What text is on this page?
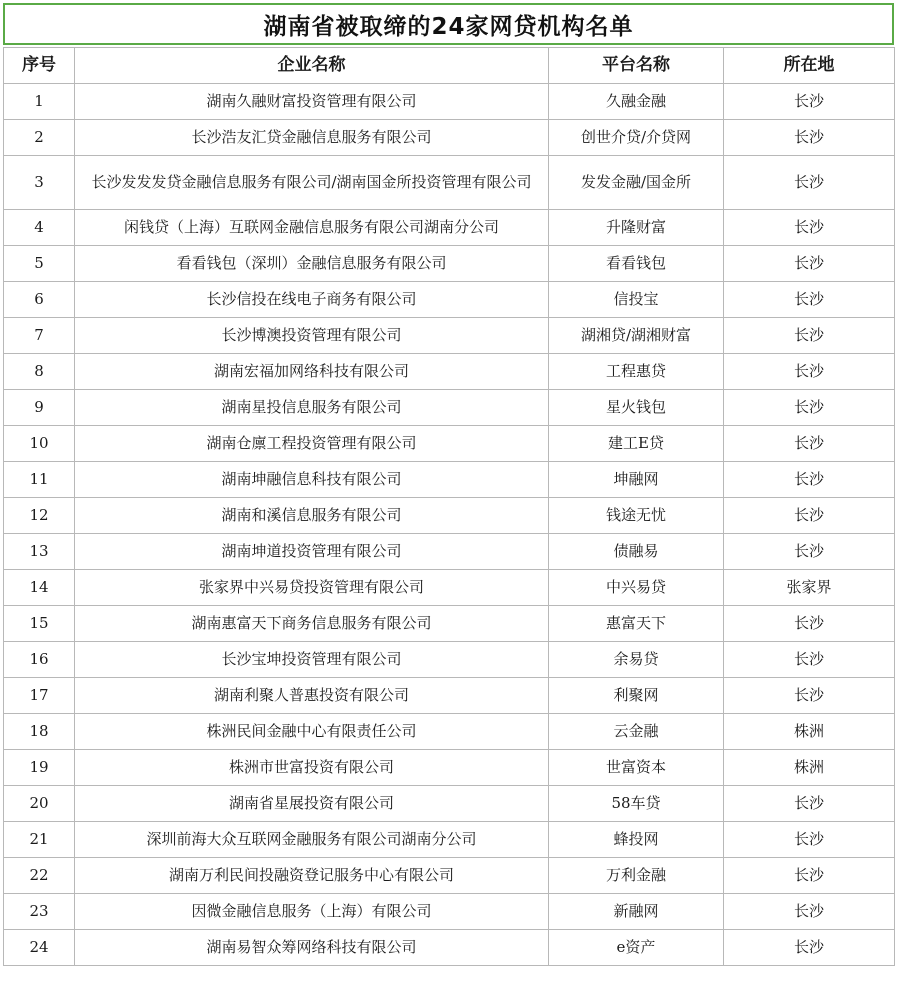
湖南省被取缔的24家网贷机构名单
序号	企业名称	平台名称	所在地
1	湖南久融财富投资管理有限公司	久融金融	长沙
2	长沙浩友汇贷金融信息服务有限公司	创世介贷/介贷网	长沙
3	长沙发发发贷金融信息服务有限公司/湖南国金所投资管理有限公司	发发金融/国金所	长沙
4	闲钱贷（上海）互联网金融信息服务有限公司湖南分公司	升隆财富	长沙
5	看看钱包（深圳）金融信息服务有限公司	看看钱包	长沙
6	长沙信投在线电子商务有限公司	信投宝	长沙
7	长沙博澳投资管理有限公司	湖湘贷/湖湘财富	长沙
8	湖南宏福加网络科技有限公司	工程惠贷	长沙
9	湖南星投信息服务有限公司	星火钱包	长沙
10	湖南仓廪工程投资管理有限公司	建工E贷	长沙
11	湖南坤融信息科技有限公司	坤融网	长沙
12	湖南和溪信息服务有限公司	钱途无忧	长沙
13	湖南坤道投资管理有限公司	债融易	长沙
14	张家界中兴易贷投资管理有限公司	中兴易贷	张家界
15	湖南惠富天下商务信息服务有限公司	惠富天下	长沙
16	长沙宝坤投资管理有限公司	余易贷	长沙
17	湖南利聚人普惠投资有限公司	利聚网	长沙
18	株洲民间金融中心有限责任公司	云金融	株洲
19	株洲市世富投资有限公司	世富资本	株洲
20	湖南省星展投资有限公司	58车贷	长沙
21	深圳前海大众互联网金融服务有限公司湖南分公司	蜂投网	长沙
22	湖南万利民间投融资登记服务中心有限公司	万利金融	长沙
23	因微金融信息服务（上海）有限公司	新融网	长沙
24	湖南易智众筹网络科技有限公司	e资产	长沙
